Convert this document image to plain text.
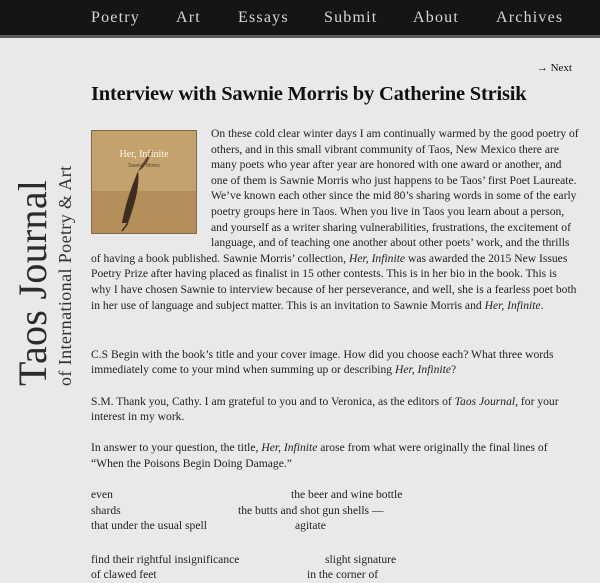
Poetry Art Essays Submit About Archives
Taos Journal of International Poetry & Art
→ Next
Interview with Sawnie Morris by Catherine Strisik
Her, Infinite
Sawnie Morris

On these cold clear winter days I am continually warmed by the good poetry of others, and in this small vibrant community of Taos, New Mexico there are many poets who year after year are honored with one award or another, and one of them is Sawnie Morris who just happens to be Taos’ first Poet Laureate. We’ve known each other since the mid 80’s sharing words in some of the early poetry groups here in Taos. When you live in Taos you learn about a person, and yourself as a writer sharing vulnerabilities, frustrations, the excitement of language, and of teaching one another about other poets’ work, and the thrills of having a book published. Sawnie Morris’ collection, Her, Infinite was awarded the 2015 New Issues Poetry Prize after having placed as finalist in 15 other contests. This is in her bio in the book. This is why I have chosen Sawnie to interview because of her perseverance, and well, she is a fearless poet both in her use of language and subject matter. This is an invitation to Sawnie Morris and Her, Infinite.

C.S Begin with the book’s title and your cover image. How did you choose each? What three words immediately come to your mind when summing up or describing Her, Infinite?

S.M. Thank you, Cathy. I am grateful to you and to Veronica, as the editors of Taos Journal, for your interest in my work.

In answer to your question, the title, Her, Infinite arose from what were originally the final lines of “When the Poisons Begin Doing Damage.”

even	the beer and wine bottle
shards	the butts and shot gun shells ––
that under the usual spell	agitate
find their rightful insignificance	slight signature
of clawed feet	in the corner of
